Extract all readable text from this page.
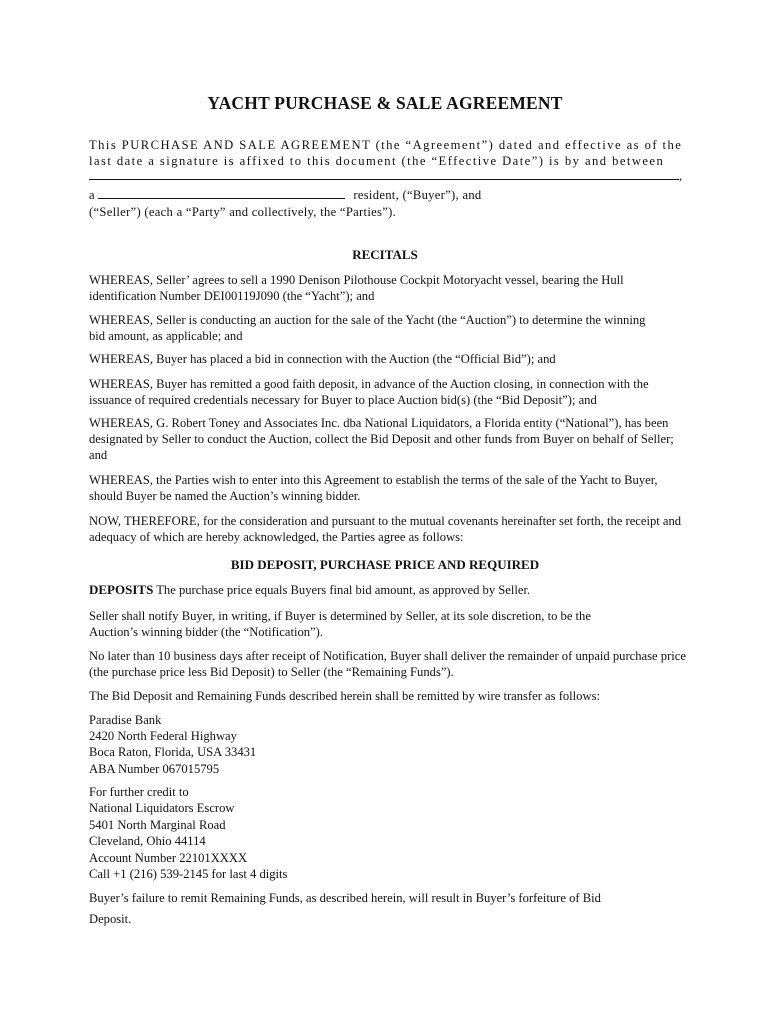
YACHT PURCHASE & SALE AGREEMENT
This PURCHASE AND SALE AGREEMENT (the “Agreement”) dated and effective as of the
last date a signature is affixed to this document (the “Effective Date”) is by and between
,
a	resident, (“Buyer”), and
(“Seller”) (each a “Party” and collectively, the “Parties”).
RECITALS
WHEREAS, Seller’ agrees to sell a 1990 Denison Pilothouse Cockpit Motoryacht vessel, bearing the Hull
identification Number DEI00119J090 (the “Yacht”); and
WHEREAS, Seller is conducting an auction for the sale of the Yacht (the “Auction”) to determine the winning
bid amount, as applicable; and
WHEREAS, Buyer has placed a bid in connection with the Auction (the “Official Bid”); and
WHEREAS, Buyer has remitted a good faith deposit, in advance of the Auction closing, in connection with the
issuance of required credentials necessary for Buyer to place Auction bid(s) (the “Bid Deposit”); and
WHEREAS, G. Robert Toney and Associates Inc. dba National Liquidators, a Florida entity (“National”), has been
designated by Seller to conduct the Auction, collect the Bid Deposit and other funds from Buyer on behalf of Seller;
and
WHEREAS, the Parties wish to enter into this Agreement to establish the terms of the sale of the Yacht to Buyer,
should Buyer be named the Auction’s winning bidder.
NOW, THEREFORE, for the consideration and pursuant to the mutual covenants hereinafter set forth, the receipt and
adequacy of which are hereby acknowledged, the Parties agree as follows:
BID DEPOSIT, PURCHASE PRICE AND REQUIRED
DEPOSITS The purchase price equals Buyers final bid amount, as approved by Seller.
Seller shall notify Buyer, in writing, if Buyer is determined by Seller, at its sole discretion, to be the
Auction’s winning bidder (the “Notification”).
No later than 10 business days after receipt of Notification, Buyer shall deliver the remainder of unpaid purchase price
(the purchase price less Bid Deposit) to Seller (the “Remaining Funds”).
The Bid Deposit and Remaining Funds described herein shall be remitted by wire transfer as follows:
Paradise Bank
2420 North Federal Highway
Boca Raton, Florida, USA 33431
ABA Number 067015795
For further credit to
National Liquidators Escrow
5401 North Marginal Road
Cleveland, Ohio 44114
Account Number 22101XXXX
Call +1 (216) 539-2145 for last 4 digits
Buyer’s failure to remit Remaining Funds, as described herein, will result in Buyer’s forfeiture of Bid
Deposit.
